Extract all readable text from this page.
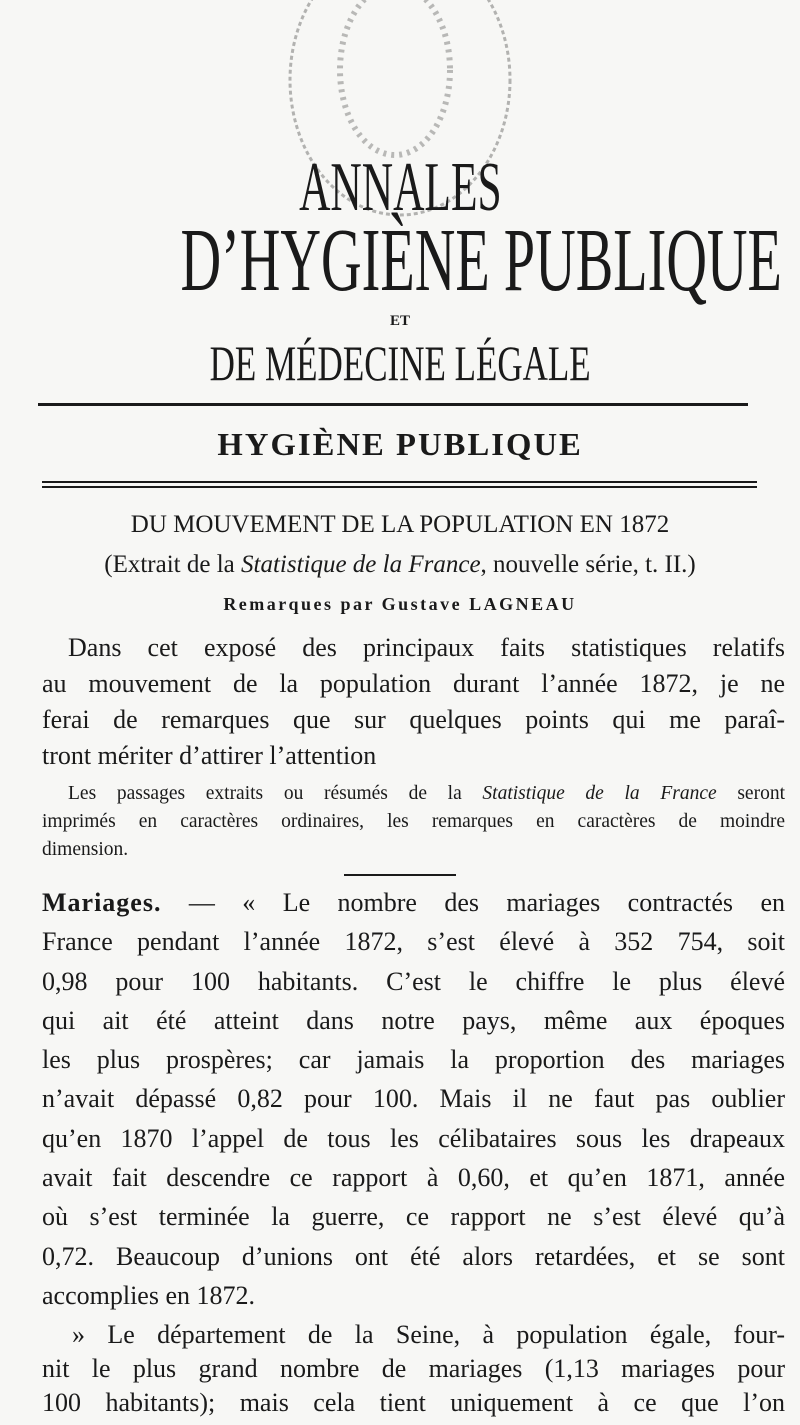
ANNALES
D’HYGIÈNE PUBLIQUE
ET
DE MÉDECINE LÉGALE
HYGIÈNE PUBLIQUE
DU MOUVEMENT DE LA POPULATION EN 1872
(Extrait de la Statistique de la France, nouvelle série, t. II.)
Remarques par Gustave LAGNEAU
Dans cet exposé des principaux faits statistiques relatifs
au mouvement de la population durant l’année 1872, je ne
ferai de remarques que sur quelques points qui me paraî-
tront mériter d’attirer l’attention
Les passages extraits ou résumés de la Statistique de la France seront
imprimés en caractères ordinaires, les remarques en caractères de moindre
dimension.
Mariages. — « Le nombre des mariages contractés en
France pendant l’année 1872, s’est élevé à 352 754, soit
0,98 pour 100 habitants. C’est le chiffre le plus élevé
qui ait été atteint dans notre pays, même aux époques
les plus prospères; car jamais la proportion des mariages
n’avait dépassé 0,82 pour 100. Mais il ne faut pas oublier
qu’en 1870 l’appel de tous les célibataires sous les drapeaux
avait fait descendre ce rapport à 0,60, et qu’en 1871, année
où s’est terminée la guerre, ce rapport ne s’est élevé qu’à
0,72. Beaucoup d’unions ont été alors retardées, et se sont
accomplies en 1872.
» Le département de la Seine, à population égale, four-
nit le plus grand nombre de mariages (1,13 mariages pour
100 habitants); mais cela tient uniquement à ce que l’on
